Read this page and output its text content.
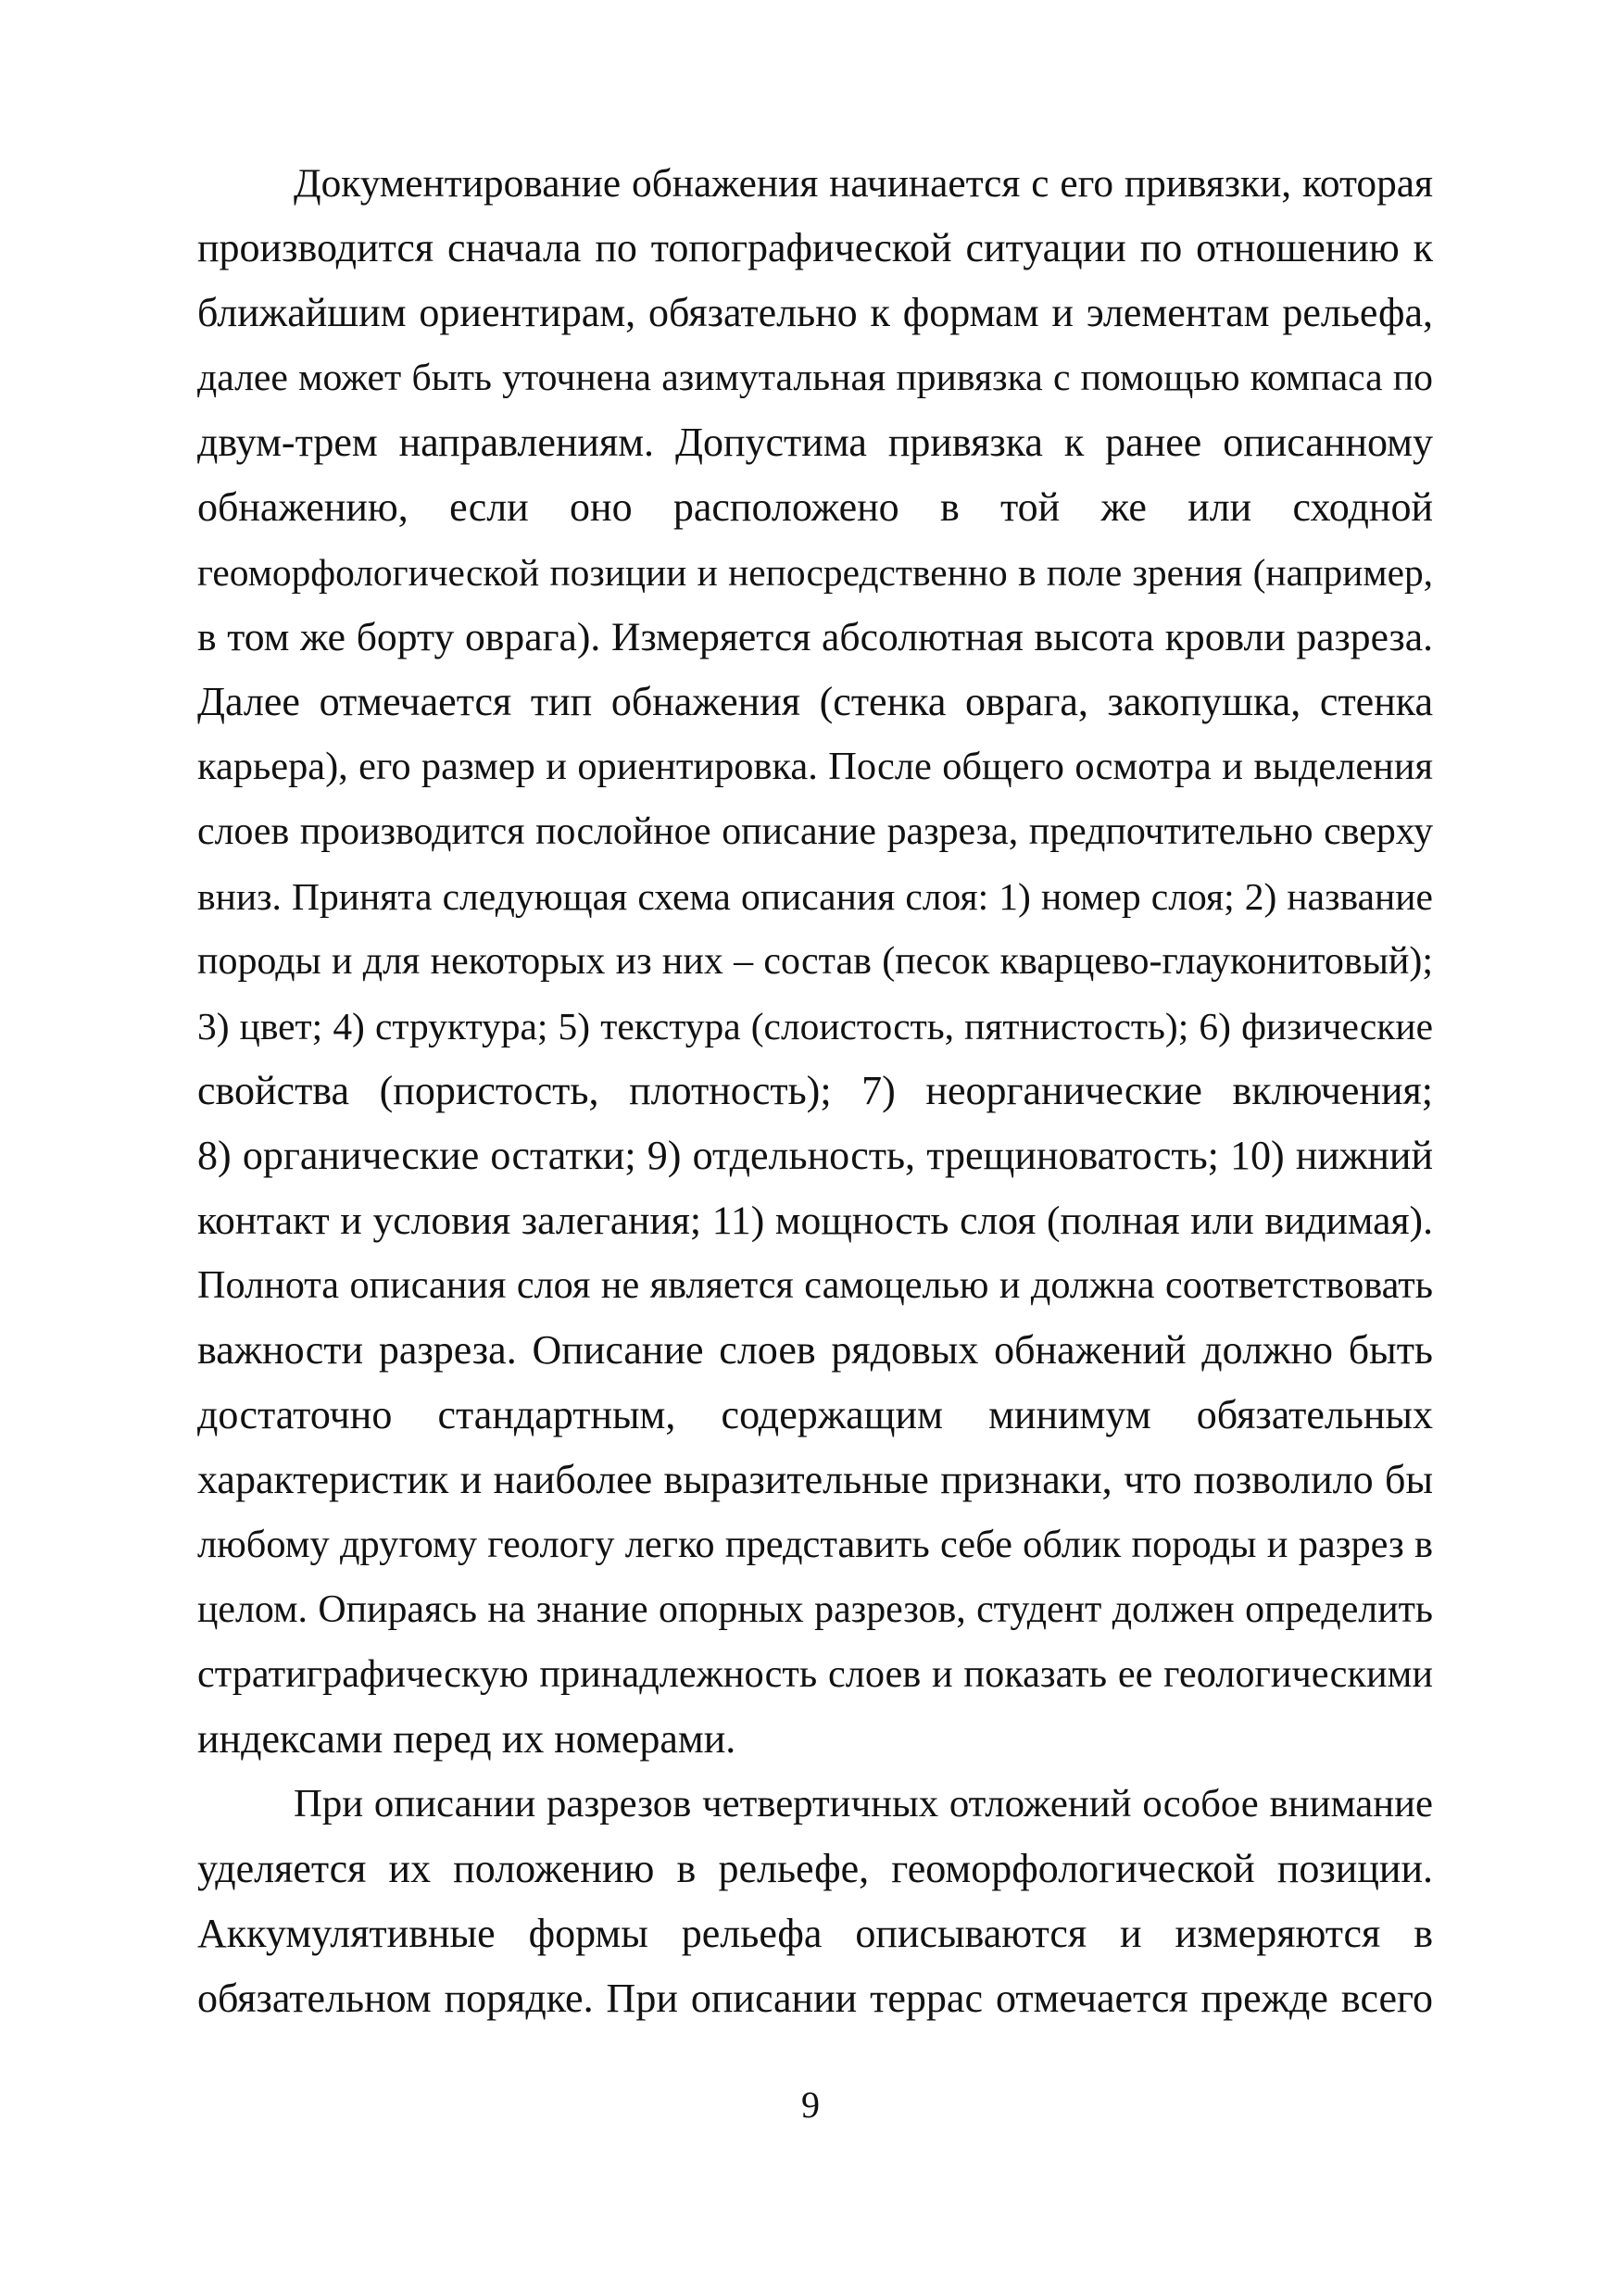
Документирование обнажения начинается с его привязки, которая
производится сначала по топографической ситуации по отношению к
ближайшим ориентирам, обязательно к формам и элементам рельефа,
далее может быть уточнена азимутальная привязка с помощью компаса по
двум-трем направлениям. Допустима привязка к ранее описанному
обнажению, если оно расположено в той же или сходной
геоморфологической позиции и непосредственно в поле зрения (например,
в том же борту оврага). Измеряется абсолютная высота кровли разреза.
Далее отмечается тип обнажения (стенка оврага, закопушка, стенка
карьера), его размер и ориентировка. После общего осмотра и выделения
слоев производится послойное описание разреза, предпочтительно сверху
вниз. Принята следующая схема описания слоя: 1) номер слоя; 2) название
породы и для некоторых из них – состав (песок кварцево-глауконитовый);
3) цвет; 4) структура; 5) текстура (слоистость, пятнистость); 6) физические
свойства (пористость, плотность); 7) неорганические включения;
8) органические остатки; 9) отдельность, трещиноватость; 10) нижний
контакт и условия залегания; 11) мощность слоя (полная или видимая).
Полнота описания слоя не является самоцелью и должна соответствовать
важности разреза. Описание слоев рядовых обнажений должно быть
достаточно стандартным, содержащим минимум обязательных
характеристик и наиболее выразительные признаки, что позволило бы
любому другому геологу легко представить себе облик породы и разрез в
целом. Опираясь на знание опорных разрезов, студент должен определить
стратиграфическую принадлежность слоев и показать ее геологическими
индексами перед их номерами.
При описании разрезов четвертичных отложений особое внимание
уделяется их положению в рельефе, геоморфологической позиции.
Аккумулятивные формы рельефа описываются и измеряются в
обязательном порядке. При описании террас отмечается прежде всего
9
